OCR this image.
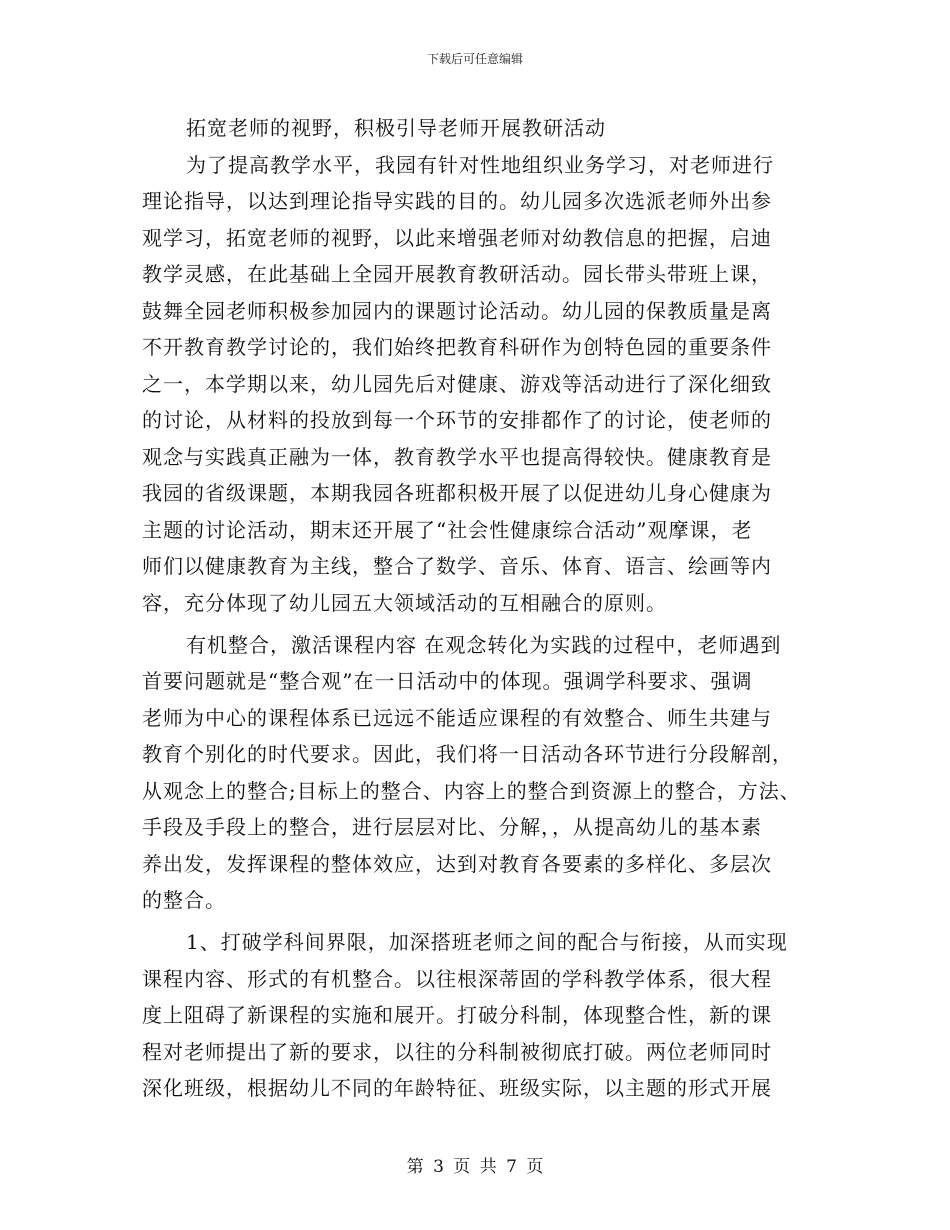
下载后可任意编辑
拓宽老师的视野，积极引导老师开展教研活动
为了提高教学水平，我园有针对性地组织业务学习，对老师进行
理论指导，以达到理论指导实践的目的。幼儿园多次选派老师外出参
观学习，拓宽老师的视野，以此来增强老师对幼教信息的把握，启迪
教学灵感，在此基础上全园开展教育教研活动。园长带头带班上课，
鼓舞全园老师积极参加园内的课题讨论活动。幼儿园的保教质量是离
不开教育教学讨论的，我们始终把教育科研作为创特色园的重要条件
之一，本学期以来，幼儿园先后对健康、游戏等活动进行了深化细致
的讨论，从材料的投放到每一个环节的安排都作了的讨论，使老师的
观念与实践真正融为一体，教育教学水平也提高得较快。健康教育是
我园的省级课题，本期我园各班都积极开展了以促进幼儿身心健康为
主题的讨论活动，期末还开展了“社会性健康综合活动”观摩课，老
师们以健康教育为主线，整合了数学、音乐、体育、语言、绘画等内
容，充分体现了幼儿园五大领域活动的互相融合的原则。
有机整合，激活课程内容 在观念转化为实践的过程中，老师遇到
首要问题就是“整合观”在一日活动中的体现。强调学科要求、强调
老师为中心的课程体系已远远不能适应课程的有效整合、师生共建与
教育个别化的时代要求。因此，我们将一日活动各环节进行分段解剖，
从观念上的整合;目标上的整合、内容上的整合到资源上的整合，方法、
手段及手段上的整合，进行层层对比、分解，，从提高幼儿的基本素
养出发，发挥课程的整体效应，达到对教育各要素的多样化、多层次
的整合。
1、打破学科间界限，加深搭班老师之间的配合与衔接，从而实现
课程内容、形式的有机整合。以往根深蒂固的学科教学体系，很大程
度上阻碍了新课程的实施和展开。打破分科制，体现整合性，新的课
程对老师提出了新的要求，以往的分科制被彻底打破。两位老师同时
深化班级，根据幼儿不同的年龄特征、班级实际，以主题的形式开展
第 3 页 共 7 页
